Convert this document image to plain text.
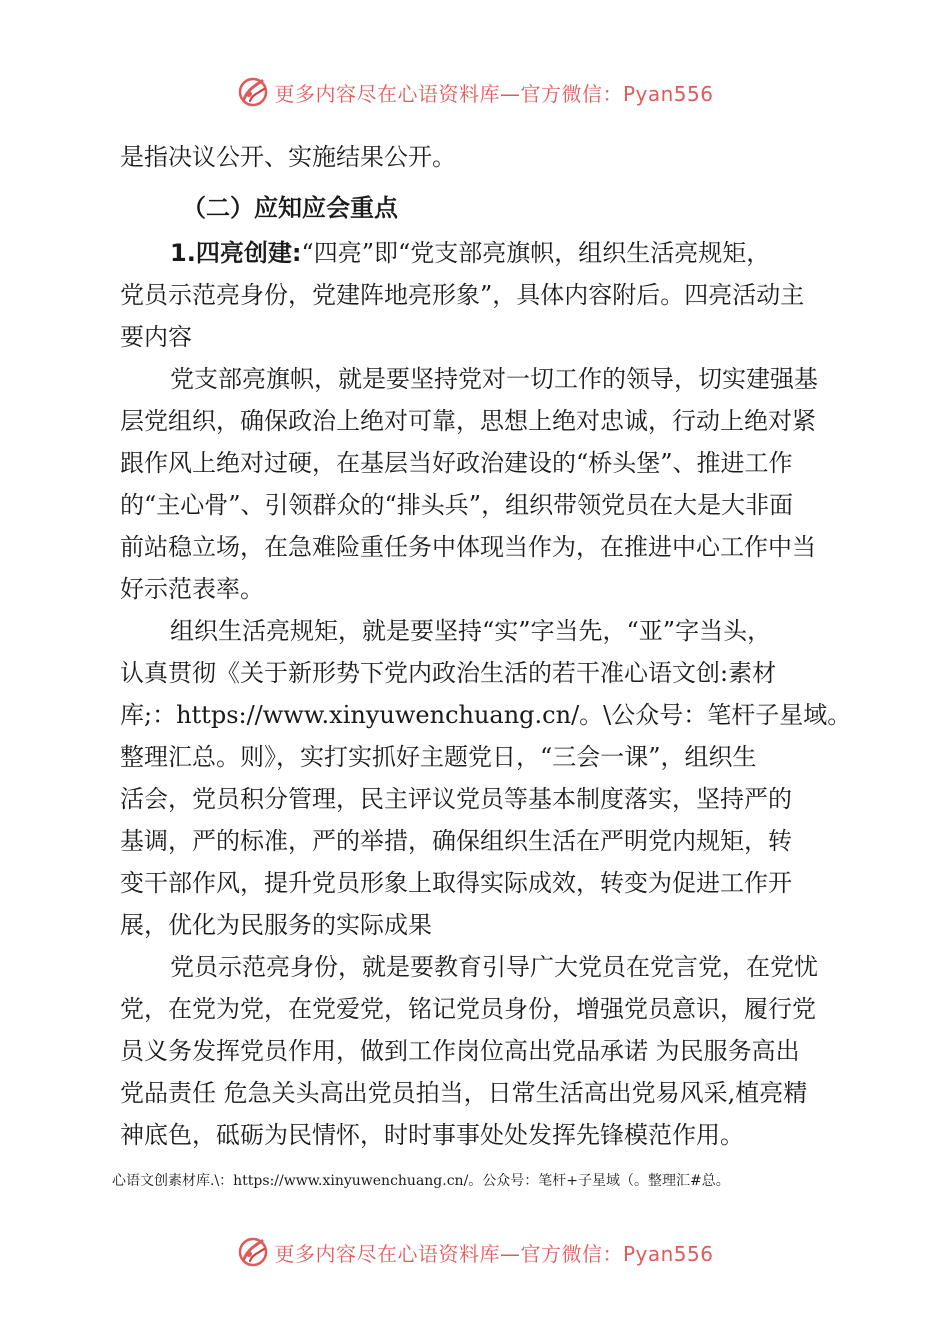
更多内容尽在心语资料库—官方微信：Pyan556
是指决议公开、实施结果公开。
（二）应知应会重点
1.四亮创建:“四亮”即“党支部亮旗帜，组织生活亮规矩，
党员示范亮身份，党建阵地亮形象”，具体内容附后。四亮活动主
要内容
党支部亮旗帜，就是要坚持党对一切工作的领导，切实建强基
层党组织，确保政治上绝对可靠，思想上绝对忠诚，行动上绝对紧
跟作风上绝对过硬，在基层当好政治建设的“桥头堡”、推进工作
的“主心骨”、引领群众的“排头兵”，组织带领党员在大是大非面
前站稳立场，在急难险重任务中体现当作为，在推进中心工作中当
好示范表率。
组织生活亮规矩，就是要坚持“实”字当先，“亚”字当头，
认真贯彻《关于新形势下党内政治生活的若干准心语文创:素材
库;：https://www.xinyuwenchuang.cn/。\公众号：笔杆子星域。
整理汇总。则》，实打实抓好主题党日，“三会一课”，组织生
活会，党员积分管理，民主评议党员等基本制度落实，坚持严的
基调，严的标准，严的举措，确保组织生活在严明党内规矩，转
变干部作风，提升党员形象上取得实际成效，转变为促进工作开
展，优化为民服务的实际成果
党员示范亮身份，就是要教育引导广大党员在党言党，在党忧
党，在党为党，在党爱党，铭记党员身份，增强党员意识，履行党
员义务发挥党员作用，做到工作岗位高出党品承诺 为民服务高出
党品责任 危急关头高出党员拍当，日常生活高出党易风采,植亮精
神底色，砥砺为民情怀，时时事事处处发挥先锋模范作用。
心语文创素材库.\：https://www.xinyuwenchuang.cn/。公众号：笔杆+子星域（。整理汇#总。
更多内容尽在心语资料库—官方微信：Pyan556
